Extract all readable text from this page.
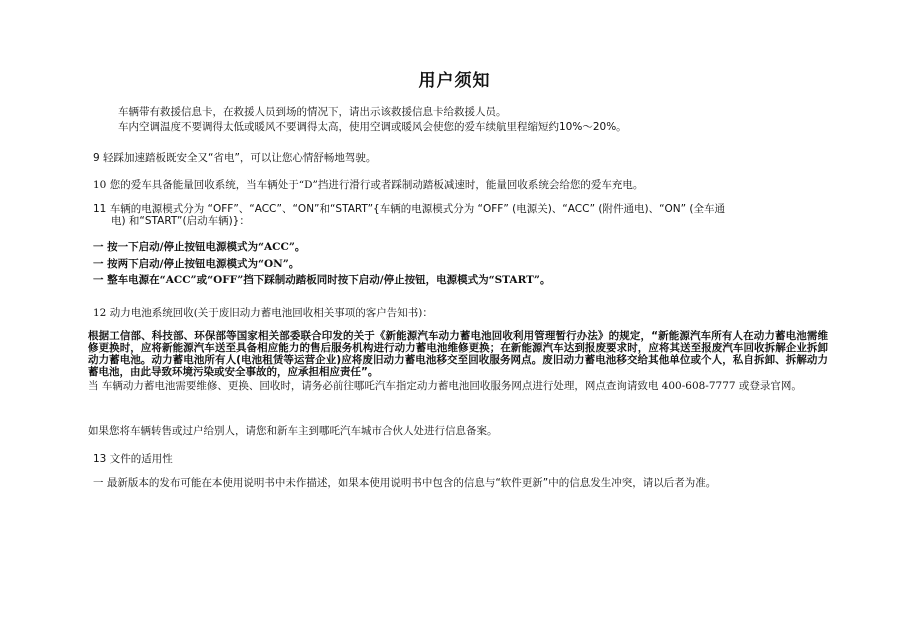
用户须知
车辆带有救援信息卡，在救援人员到场的情况下，请出示该救援信息卡给救援人员。
车内空调温度不要调得太低或暖风不要调得太高，使用空调或暖风会使您的爱车续航里程缩短约10%～20%。
9 轻踩加速踏板既安全又“省电”，可以让您心情舒畅地驾驶。
10 您的爱车具备能量回收系统，当车辆处于“D”挡进行滑行或者踩制动踏板减速时，能量回收系统会给您的爱车充电。
11 车辆的电源模式分为 “OFF”、“ACC”、“ON”和“START”{车辆的电源模式分为 “OFF” (电源关)、“ACC” (附件通电)、“ON” (全车通
电) 和“START”(启动车辆)}：
一 按一下启动/停止按钮电源模式为“ACC”。
一 按两下启动/停止按钮电源模式为“ON”。
一 整车电源在“ACC”或“OFF”挡下踩制动踏板同时按下启动/停止按钮，电源模式为“START”。
12 动力电池系统回收(关于废旧动力蓄电池回收相关事项的客户告知书)：
根据工信部、科技部、环保部等国家相关部委联合印发的关于《新能源汽车动力蓄电池回收利用管理暂行办法》的规定，“新能源汽车所有人在动力蓄电池需维修更换时，应将新能源汽车送至具备相应能力的售后服务机构进行动力蓄电池维修更换；在新能源汽车达到报废要求时，应将其送至报废汽车回收拆解企业拆卸动力蓄电池。动力蓄电池所有人(电池租赁等运营企业)应将废旧动力蓄电池移交至回收服务网点。废旧动力蓄电池移交给其他单位或个人，私自拆卸、拆解动力蓄电池，由此导致环境污染或安全事故的，应承担相应责任”。
当 车辆动力蓄电池需要维修、更换、回收时，请务必前往哪吒汽车指定动力蓄电池回收服务网点进行处理，网点查询请致电 400-608-7777 或登录官网。
如果您将车辆转售或过户给别人，请您和新车主到哪吒汽车城市合伙人处进行信息备案。
13 文件的适用性
一 最新版本的发布可能在本使用说明书中未作描述，如果本使用说明书中包含的信息与“软件更新”中的信息发生冲突，请以后者为准。
